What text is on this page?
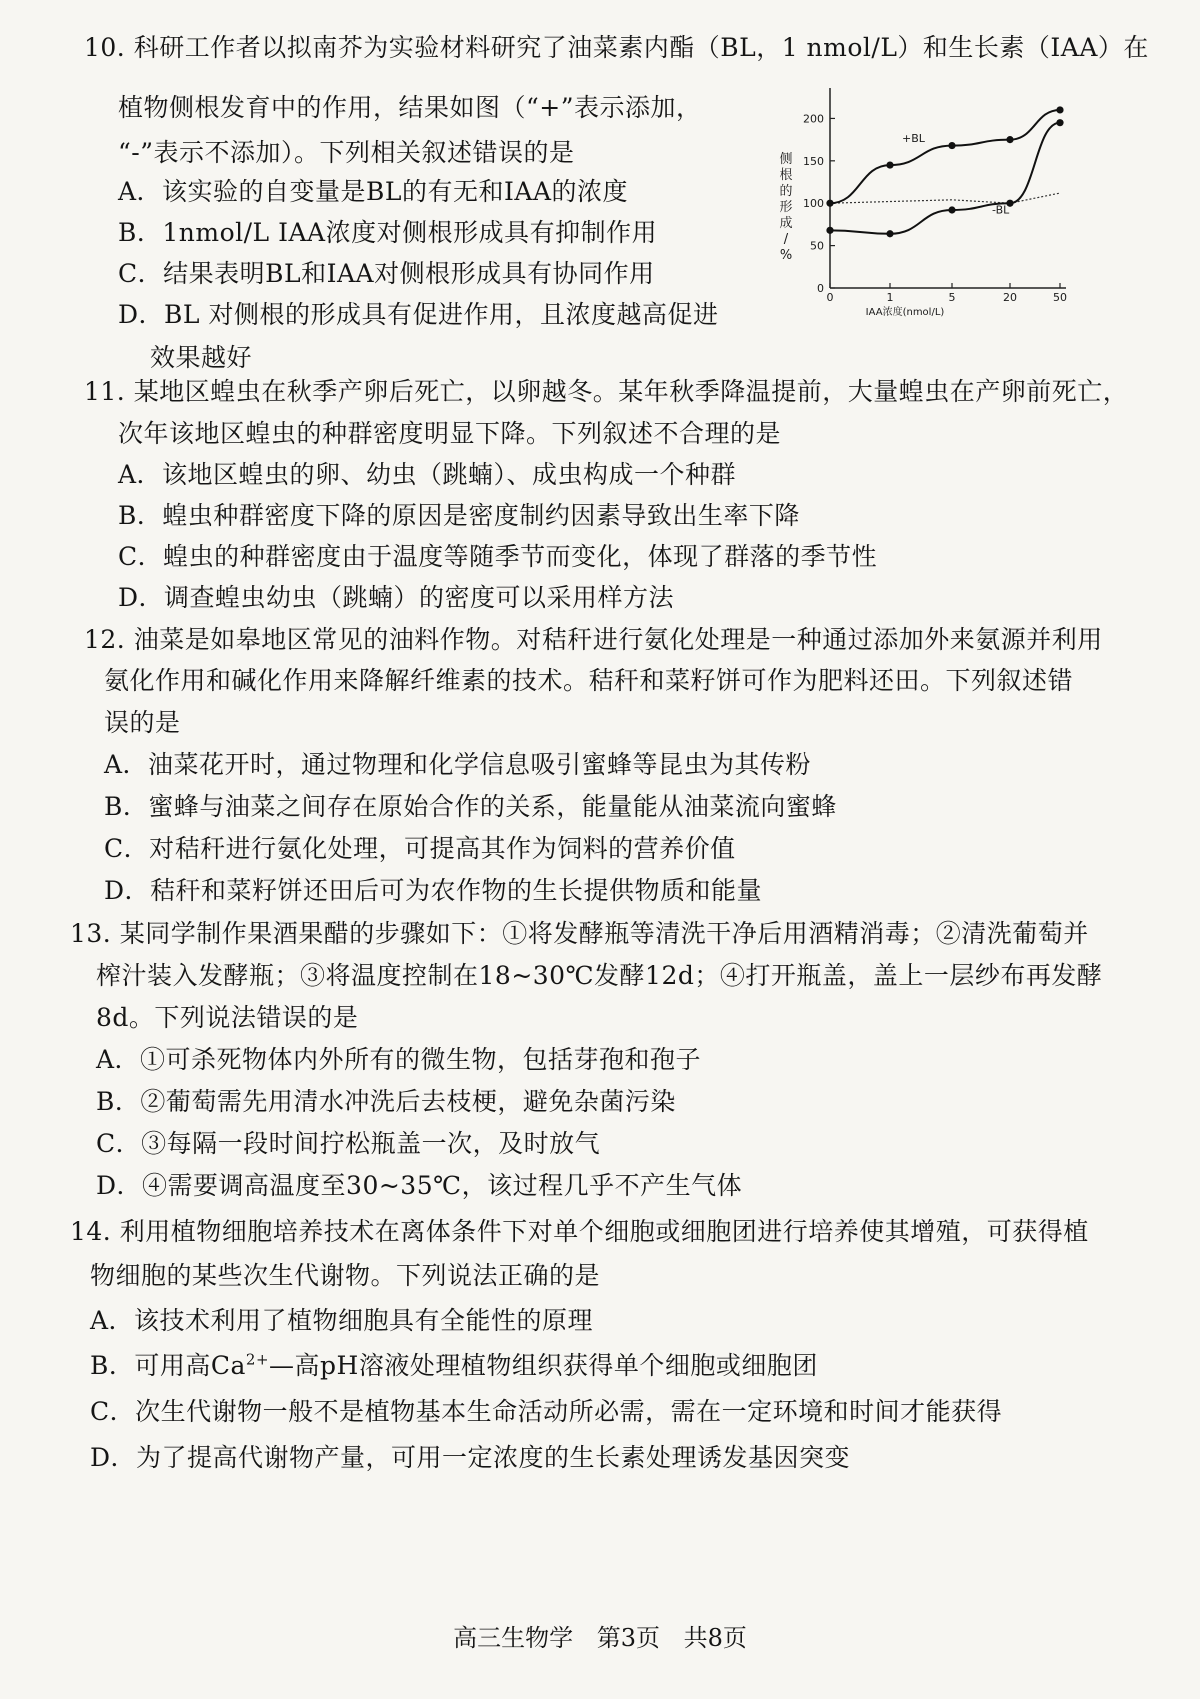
10. 科研工作者以拟南芥为实验材料研究了油菜素内酯（BL，1 nmol/L）和生长素（IAA）在
植物侧根发育中的作用，结果如图（“+”表示添加，
“-”表示不添加）。下列相关叙述错误的是
A．该实验的自变量是BL的有无和IAA的浓度
B．1nmol/L IAA浓度对侧根形成具有抑制作用
C．结果表明BL和IAA对侧根形成具有协同作用
D．BL 对侧根的形成具有促进作用，且浓度越高促进
效果越好
0
50
100
150
200
0	1	5	20	50
IAA浓度(nmol/L)
侧根的形成/ %
+BL
-BL
11. 某地区蝗虫在秋季产卵后死亡，以卵越冬。某年秋季降温提前，大量蝗虫在产卵前死亡，
次年该地区蝗虫的种群密度明显下降。下列叙述不合理的是
A．该地区蝗虫的卵、幼虫（跳蝻）、成虫构成一个种群
B．蝗虫种群密度下降的原因是密度制约因素导致出生率下降
C．蝗虫的种群密度由于温度等随季节而变化，体现了群落的季节性
D．调查蝗虫幼虫（跳蝻）的密度可以采用样方法
12. 油菜是如皋地区常见的油料作物。对秸秆进行氨化处理是一种通过添加外来氨源并利用
氨化作用和碱化作用来降解纤维素的技术。秸秆和菜籽饼可作为肥料还田。下列叙述错
误的是
A．油菜花开时，通过物理和化学信息吸引蜜蜂等昆虫为其传粉
B．蜜蜂与油菜之间存在原始合作的关系，能量能从油菜流向蜜蜂
C．对秸秆进行氨化处理，可提高其作为饲料的营养价值
D．秸秆和菜籽饼还田后可为农作物的生长提供物质和能量
13. 某同学制作果酒果醋的步骤如下：①将发酵瓶等清洗干净后用酒精消毒；②清洗葡萄并
榨汁装入发酵瓶；③将温度控制在18~30℃发酵12d；④打开瓶盖，盖上一层纱布再发酵
8d。下列说法错误的是
A．①可杀死物体内外所有的微生物，包括芽孢和孢子
B．②葡萄需先用清水冲洗后去枝梗，避免杂菌污染
C．③每隔一段时间拧松瓶盖一次，及时放气
D．④需要调高温度至30~35℃，该过程几乎不产生气体
14. 利用植物细胞培养技术在离体条件下对单个细胞或细胞团进行培养使其增殖，可获得植
物细胞的某些次生代谢物。下列说法正确的是
A．该技术利用了植物细胞具有全能性的原理
B．可用高$Ca^{2+}—$高pH溶液处理植物组织获得单个细胞或细胞团
C．次生代谢物一般不是植物基本生命活动所必需，需在一定环境和时间才能获得
D．为了提高代谢物产量，可用一定浓度的生长素处理诱发基因突变
高三生物学 第3页 共8页
